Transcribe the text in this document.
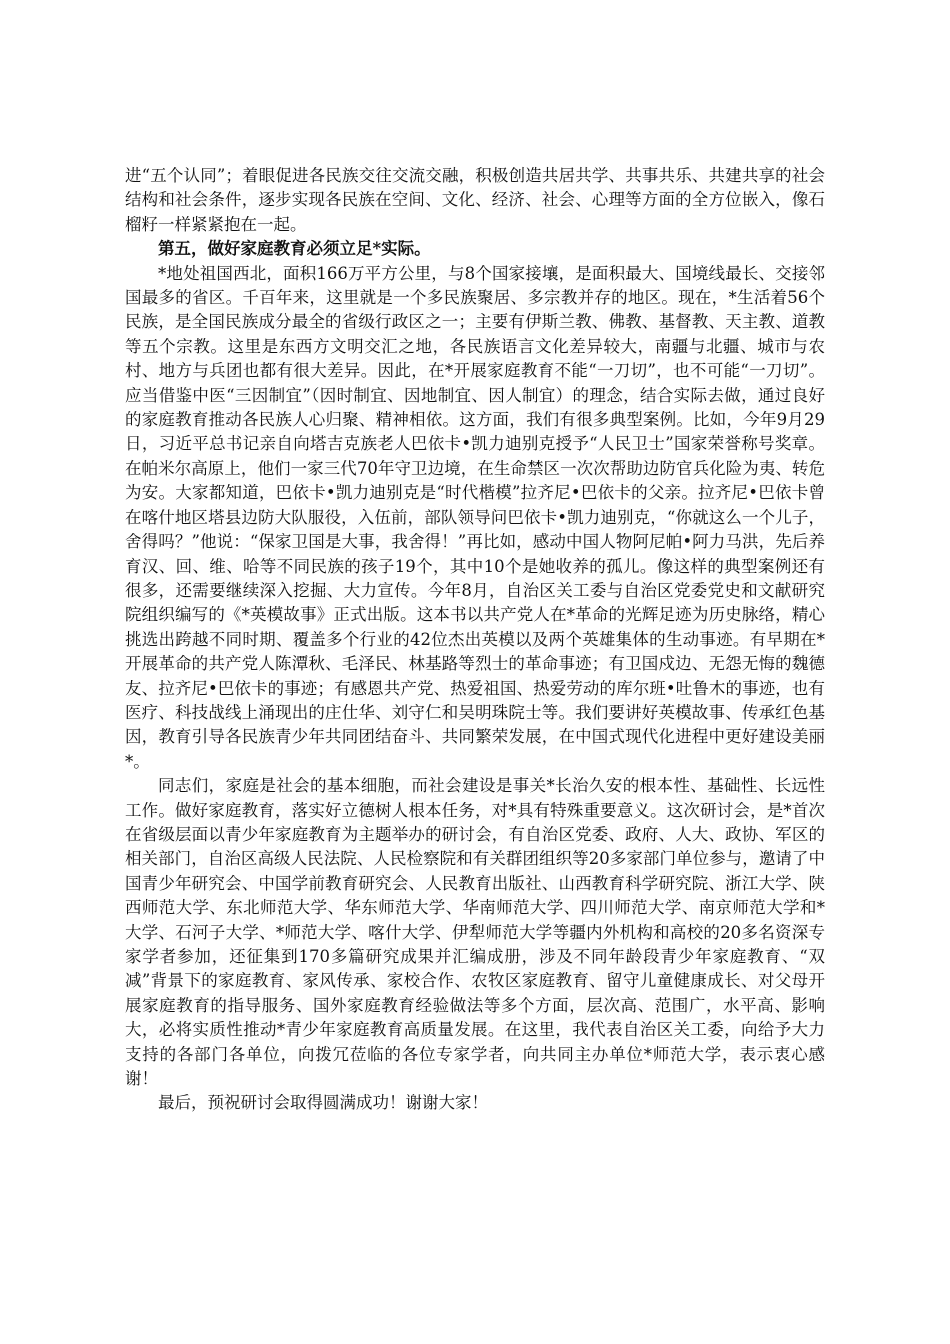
进“五个认同”；着眼促进各民族交往交流交融，积极创造共居共学、共事共乐、共建共享的社会结构和社会条件，逐步实现各民族在空间、文化、经济、社会、心理等方面的全方位嵌入，像石榴籽一样紧紧抱在一起。

第五，做好家庭教育必须立足*实际。

*地处祖国西北，面积166万平方公里，与8个国家接壤，是面积最大、国境线最长、交接邻国最多的省区。千百年来，这里就是一个多民族聚居、多宗教并存的地区。现在，*生活着56个民族，是全国民族成分最全的省级行政区之一；主要有伊斯兰教、佛教、基督教、天主教、道教等五个宗教。这里是东西方文明交汇之地，各民族语言文化差异较大，南疆与北疆、城市与农村、地方与兵团也都有很大差异。因此，在*开展家庭教育不能“一刀切”，也不可能“一刀切”。应当借鉴中医“三因制宜”（因时制宜、因地制宜、因人制宜）的理念，结合实际去做，通过良好的家庭教育推动各民族人心归聚、精神相依。这方面，我们有很多典型案例。比如，今年9月29日，习近平总书记亲自向塔吉克族老人巴依卡•凯力迪别克授予“人民卫士”国家荣誉称号奖章。在帕米尔高原上，他们一家三代70年守卫边境，在生命禁区一次次帮助边防官兵化险为夷、转危为安。大家都知道，巴依卡•凯力迪别克是“时代楷模”拉齐尼•巴依卡的父亲。拉齐尼•巴依卡曾在喀什地区塔县边防大队服役，入伍前，部队领导问巴依卡•凯力迪别克，“你就这么一个儿子，舍得吗？”他说：“保家卫国是大事，我舍得！”再比如，感动中国人物阿尼帕•阿力马洪，先后养育汉、回、维、哈等不同民族的孩子19个，其中10个是她收养的孤儿。像这样的典型案例还有很多，还需要继续深入挖掘、大力宣传。今年8月，自治区关工委与自治区党委党史和文献研究院组织编写的《*英模故事》正式出版。这本书以共产党人在*革命的光辉足迹为历史脉络，精心挑选出跨越不同时期、覆盖多个行业的42位杰出英模以及两个英雄集体的生动事迹。有早期在*开展革命的共产党人陈潭秋、毛泽民、林基路等烈士的革命事迹；有卫国戍边、无怨无悔的魏德友、拉齐尼•巴依卡的事迹；有感恩共产党、热爱祖国、热爱劳动的库尔班•吐鲁木的事迹，也有医疗、科技战线上涌现出的庄仕华、刘守仁和吴明珠院士等。我们要讲好英模故事、传承红色基因，教育引导各民族青少年共同团结奋斗、共同繁荣发展，在中国式现代化进程中更好建设美丽*。

同志们，家庭是社会的基本细胞，而社会建设是事关*长治久安的根本性、基础性、长远性工作。做好家庭教育，落实好立德树人根本任务，对*具有特殊重要意义。这次研讨会，是*首次在省级层面以青少年家庭教育为主题举办的研讨会，有自治区党委、政府、人大、政协、军区的相关部门，自治区高级人民法院、人民检察院和有关群团组织等20多家部门单位参与，邀请了中国青少年研究会、中国学前教育研究会、人民教育出版社、山西教育科学研究院、浙江大学、陕西师范大学、东北师范大学、华东师范大学、华南师范大学、四川师范大学、南京师范大学和*大学、石河子大学、*师范大学、喀什大学、伊犁师范大学等疆内外机构和高校的20多名资深专家学者参加，还征集到170多篇研究成果并汇编成册，涉及不同年龄段青少年家庭教育、“双减”背景下的家庭教育、家风传承、家校合作、农牧区家庭教育、留守儿童健康成长、对父母开展家庭教育的指导服务、国外家庭教育经验做法等多个方面，层次高、范围广，水平高、影响大，必将实质性推动*青少年家庭教育高质量发展。在这里，我代表自治区关工委，向给予大力支持的各部门各单位，向拨冗莅临的各位专家学者，向共同主办单位*师范大学，表示衷心感谢！

最后，预祝研讨会取得圆满成功！谢谢大家！
